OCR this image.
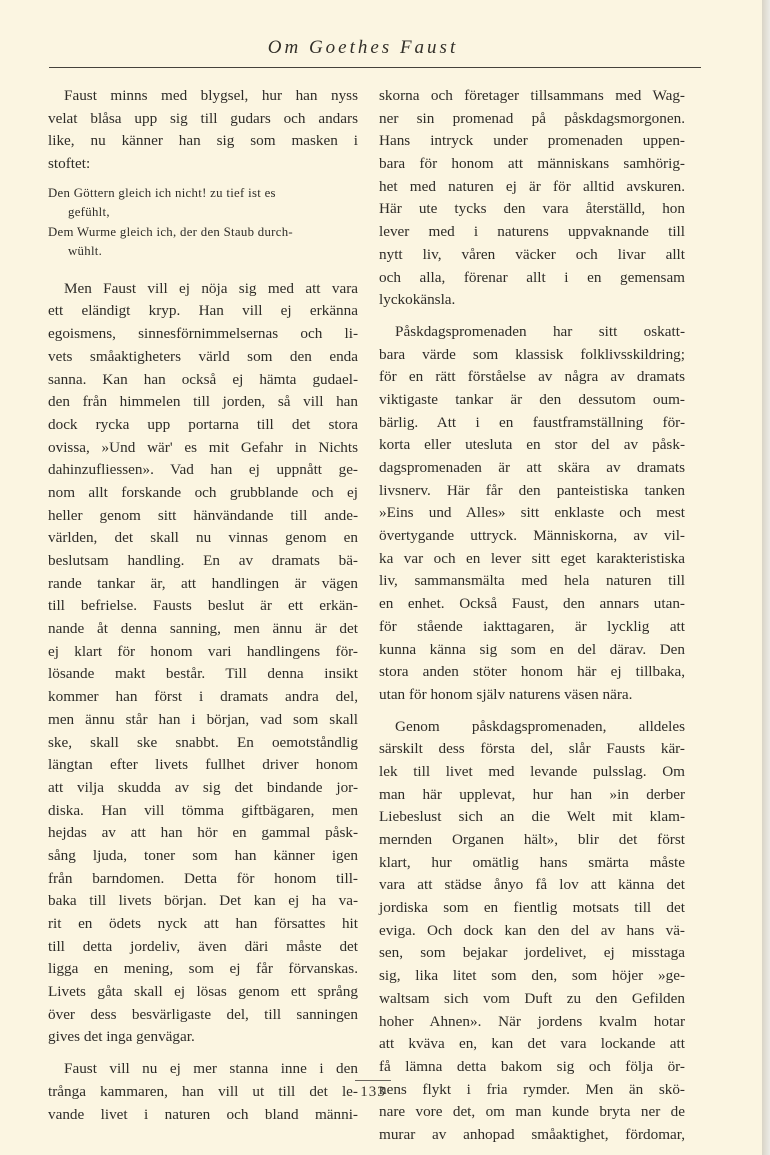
Om Goethes Faust
Faust minns med blygsel, hur han nyss
velat blåsa upp sig till gudars och andars
like, nu känner han sig som masken i
stoftet:
Den Göttern gleich ich nicht! zu tief ist es
gefühlt,
Dem Wurme gleich ich, der den Staub durch-
wühlt.
Men Faust vill ej nöja sig med att vara
ett eländigt kryp. Han vill ej erkänna
egoismens, sinnesförnimmelsernas och li-
vets småaktigheters värld som den enda
sanna. Kan han också ej hämta gudael-
den från himmelen till jorden, så vill han
dock rycka upp portarna till det stora
ovissa, »Und wär' es mit Gefahr in Nichts
dahinzufliessen». Vad han ej uppnått ge-
nom allt forskande och grubblande och ej
heller genom sitt hänvändande till ande-
världen, det skall nu vinnas genom en
beslutsam handling. En av dramats bä-
rande tankar är, att handlingen är vägen
till befrielse. Fausts beslut är ett erkän-
nande åt denna sanning, men ännu är det
ej klart för honom vari handlingens för-
lösande makt består. Till denna insikt
kommer han först i dramats andra del,
men ännu står han i början, vad som skall
ske, skall ske snabbt. En oemotståndlig
längtan efter livets fullhet driver honom
att vilja skudda av sig det bindande jor-
diska. Han vill tömma giftbägaren, men
hejdas av att han hör en gammal påsk-
sång ljuda, toner som han känner igen
från barndomen. Detta för honom till-
baka till livets början. Det kan ej ha va-
rit en ödets nyck att han försattes hit
till detta jordeliv, även däri måste det
ligga en mening, som ej får förvanskas.
Livets gåta skall ej lösas genom ett språng
över dess besvärligaste del, till sanningen
gives det inga genvägar.
Faust vill nu ej mer stanna inne i den
trånga kammaren, han vill ut till det le-
vande livet i naturen och bland männi-
skorna och företager tillsammans med Wag-
ner sin promenad på påskdagsmorgonen.
Hans intryck under promenaden uppen-
bara för honom att människans samhörig-
het med naturen ej är för alltid avskuren.
Här ute tycks den vara återställd, hon
lever med i naturens uppvaknande till
nytt liv, våren väcker och livar allt
och alla, förenar allt i en gemensam
lyckokänsla.
Påskdagspromenaden har sitt oskatt-
bara värde som klassisk folklivsskildring;
för en rätt förståelse av några av dramats
viktigaste tankar är den dessutom oum-
bärlig. Att i en faustframställning för-
korta eller utesluta en stor del av påsk-
dagspromenaden är att skära av dramats
livsnerv. Här får den panteistiska tanken
»Eins und Alles» sitt enklaste och mest
övertygande uttryck. Människorna, av vil-
ka var och en lever sitt eget karakteristiska
liv, sammansmälta med hela naturen till
en enhet. Också Faust, den annars utan-
för stående iakttagaren, är lycklig att
kunna känna sig som en del därav. Den
stora anden stöter honom här ej tillbaka,
utan för honom själv naturens väsen nära.
Genom påskdagspromenaden, alldeles
särskilt dess första del, slår Fausts kär-
lek till livet med levande pulsslag. Om
man här upplevat, hur han »in derber
Liebeslust sich an die Welt mit klam-
mernden Organen hält», blir det först
klart, hur omätlig hans smärta måste
vara att städse ånyo få lov att känna det
jordiska som en fientlig motsats till det
eviga. Och dock kan den del av hans vä-
sen, som bejakar jordelivet, ej misstaga
sig, lika litet som den, som höjer »ge-
waltsam sich vom Duft zu den Gefilden
hoher Ahnen». När jordens kvalm hotar
att kväva en, kan det vara lockande att
få lämna detta bakom sig och följa ör-
nens flykt i fria rymder. Men än skö-
nare vore det, om man kunde bryta ner de
murar av anhopad småaktighet, fördomar,
133
